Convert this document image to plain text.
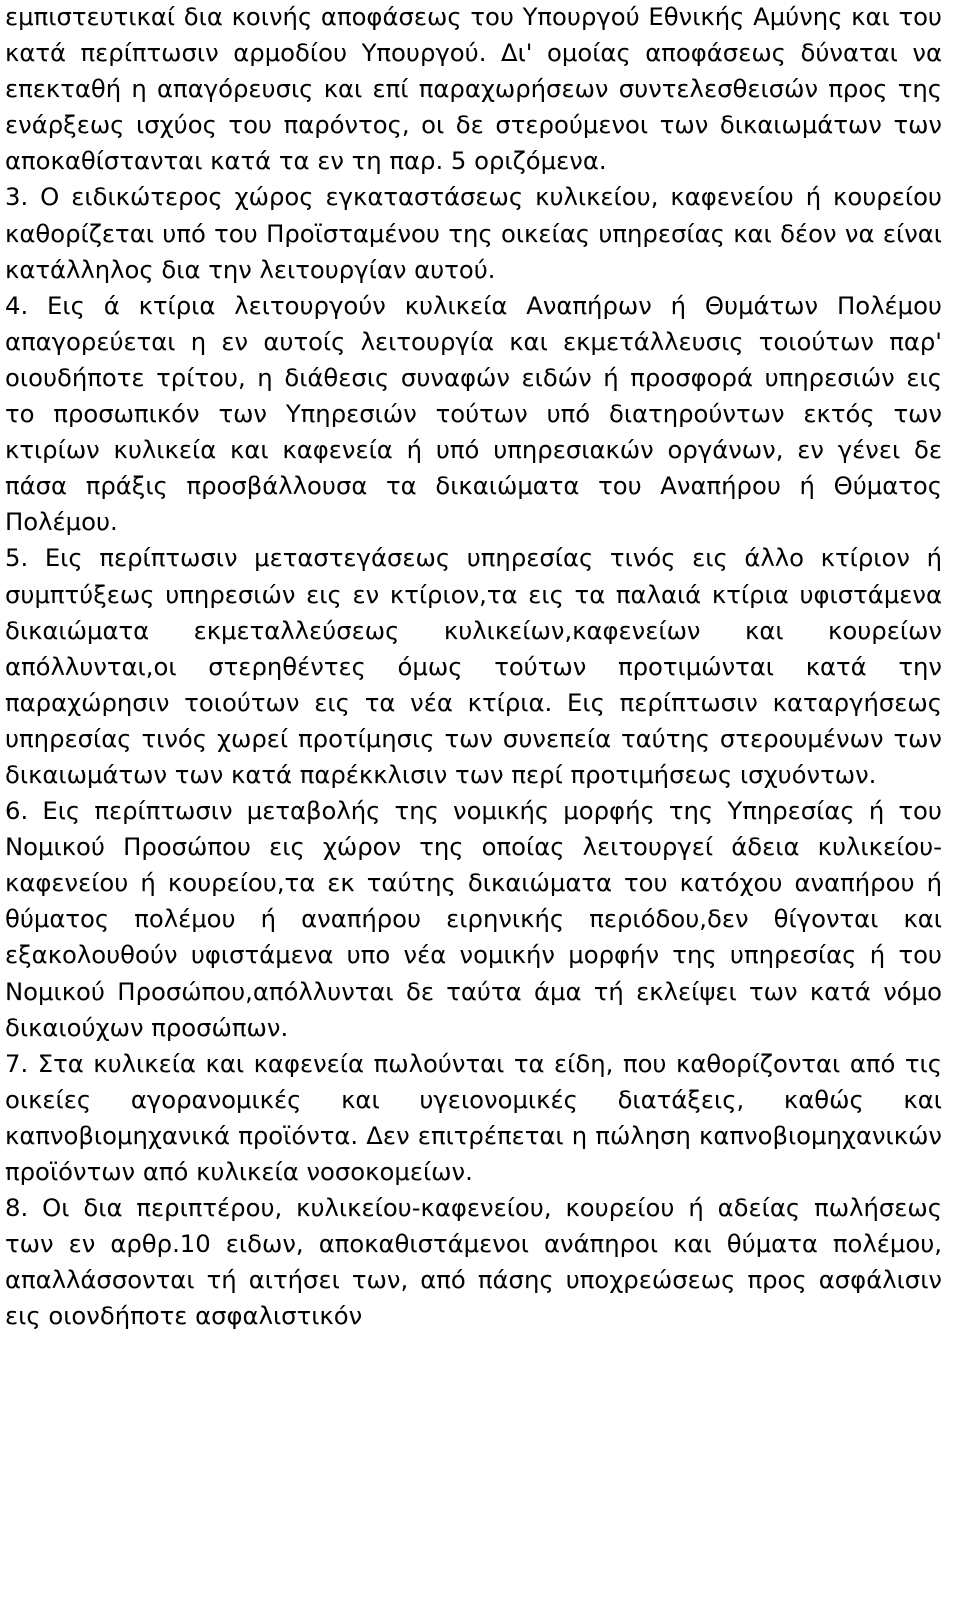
εμπιστευτικαί δια κοινής αποφάσεως του Υπουργού Εθνικής Αμύνης και του κατά περίπτωσιν αρμοδίου Υπουργού. Δι' ομοίας αποφάσεως δύναται να επεκταθή η απαγόρευσις και επί παραχωρήσεων συντελεσθεισών προς της ενάρξεως ισχύος του παρόντος, οι δε στερούμενοι των δικαιωμάτων των αποκαθίστανται κατά τα εν τη παρ. 5 οριζόμενα.

3. Ο ειδικώτερος χώρος εγκαταστάσεως κυλικείου, καφενείου ή κουρείου καθορίζεται υπό του Προϊσταμένου της οικείας υπηρεσίας και δέον να είναι κατάλληλος δια την λειτουργίαν αυτού.

4. Εις ά κτίρια λειτουργούν κυλικεία Αναπήρων ή Θυμάτων Πολέμου απαγορεύεται η εν αυτοίς λειτουργία και εκμετάλλευσις τοιούτων παρ' οιουδήποτε τρίτου, η διάθεσις συναφών ειδών ή προσφορά υπηρεσιών εις το προσωπικόν των Υπηρεσιών τούτων υπό διατηρούντων εκτός των κτιρίων κυλικεία και καφενεία ή υπό υπηρεσιακών οργάνων, εν γένει δε πάσα πράξις προσβάλλουσα τα δικαιώματα του Αναπήρου ή Θύματος Πολέμου.

5. Εις περίπτωσιν μεταστεγάσεως υπηρεσίας τινός εις άλλο κτίριον ή συμπτύξεως υπηρεσιών εις εν κτίριον,τα εις τα παλαιά κτίρια υφιστάμενα δικαιώματα εκμεταλλεύσεως κυλικείων,καφενείων και κουρείων απόλλυνται,οι στερηθέντες όμως τούτων προτιμώνται κατά την παραχώρησιν τοιούτων εις τα νέα κτίρια. Εις περίπτωσιν καταργήσεως υπηρεσίας τινός χωρεί προτίμησις των συνεπεία ταύτης στερουμένων των δικαιωμάτων των κατά παρέκκλισιν των περί προτιμήσεως ισχυόντων.

6. Εις περίπτωσιν μεταβολής της νομικής μορφής της Υπηρεσίας ή του Νομικού Προσώπου εις χώρον της οποίας λειτουργεί άδεια κυλικείου- καφενείου ή κουρείου,τα εκ ταύτης δικαιώματα του κατόχου αναπήρου ή θύματος πολέμου ή αναπήρου ειρηνικής περιόδου,δεν θίγονται και εξακολουθούν υφιστάμενα υπο νέα νομικήν μορφήν της υπηρεσίας ή του Νομικού Προσώπου,απόλλυνται δε ταύτα άμα τή εκλείψει των κατά νόμο δικαιούχων προσώπων.

7. Στα κυλικεία και καφενεία πωλούνται τα είδη, που καθορίζονται από τις οικείες αγορανομικές και υγειονομικές διατάξεις, καθώς και καπνοβιομηχανικά προϊόντα. Δεν επιτρέπεται η πώληση καπνοβιομηχανικών προϊόντων από κυλικεία νοσοκομείων.

8. Οι δια περιπτέρου, κυλικείου-καφενείου, κουρείου ή αδείας πωλήσεως των εν αρθρ.10 ειδων, αποκαθιστάμενοι ανάπηροι και θύματα πολέμου, απαλλάσσονται τή αιτήσει των, από πάσης υποχρεώσεως προς ασφάλισιν εις οιονδήποτε ασφαλιστικόν
